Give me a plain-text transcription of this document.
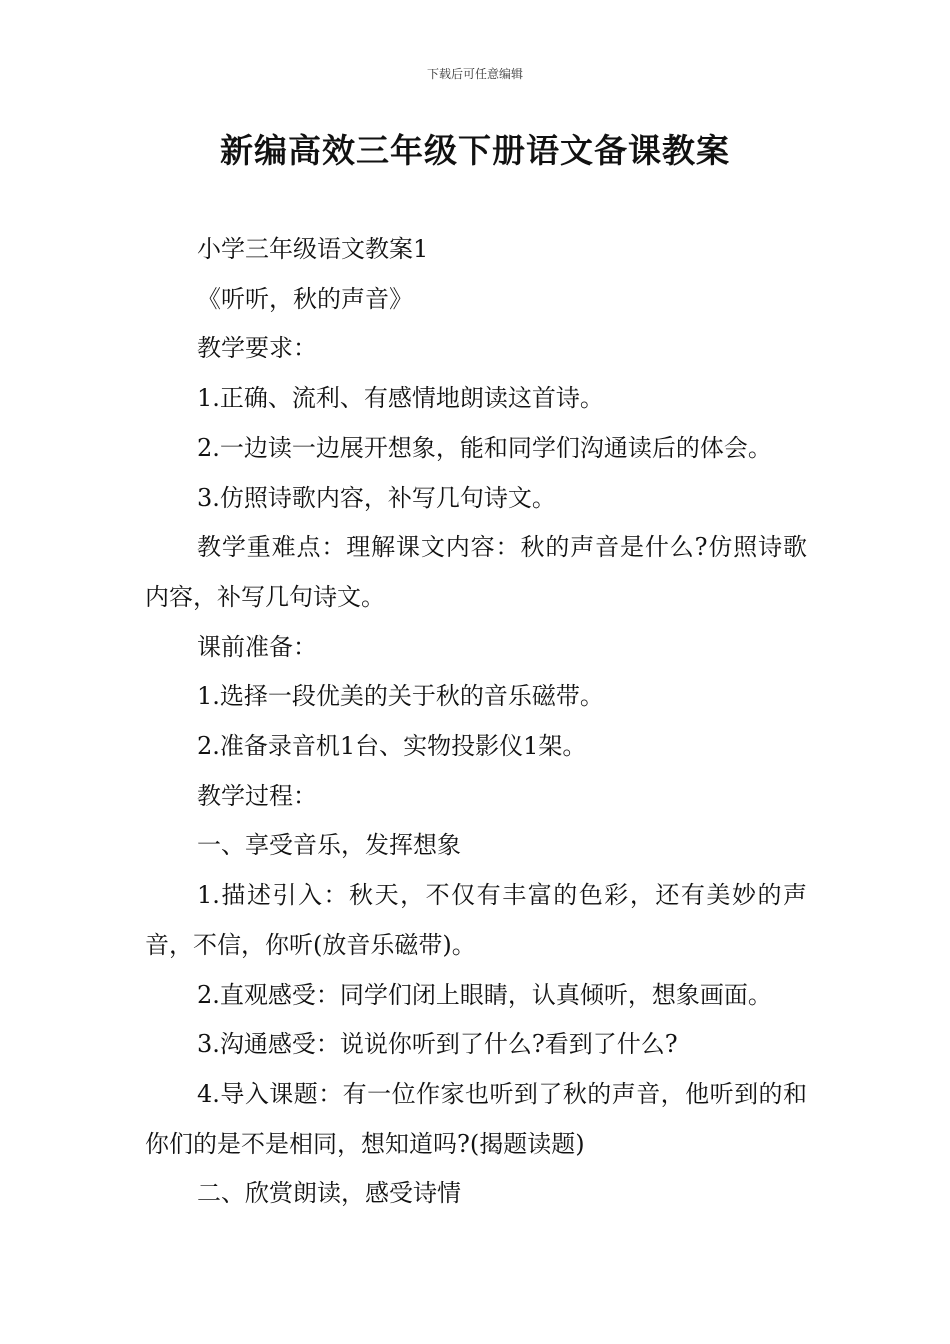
下载后可任意编辑
新编高效三年级下册语文备课教案

小学三年级语文教案1

《听听，秋的声音》

教学要求：

1.正确、流利、有感情地朗读这首诗。

2.一边读一边展开想象，能和同学们沟通读后的体会。

3.仿照诗歌内容，补写几句诗文。

教学重难点：理解课文内容：秋的声音是什么?仿照诗歌内容，补写几句诗文。

课前准备：

1.选择一段优美的关于秋的音乐磁带。

2.准备录音机1台、实物投影仪1架。

教学过程：

一、享受音乐，发挥想象

1.描述引入：秋天，不仅有丰富的色彩，还有美妙的声音，不信，你听(放音乐磁带)。

2.直观感受：同学们闭上眼睛，认真倾听，想象画面。

3.沟通感受：说说你听到了什么?看到了什么?

4.导入课题：有一位作家也听到了秋的声音，他听到的和你们的是不是相同，想知道吗?(揭题读题)

二、欣赏朗读，感受诗情
